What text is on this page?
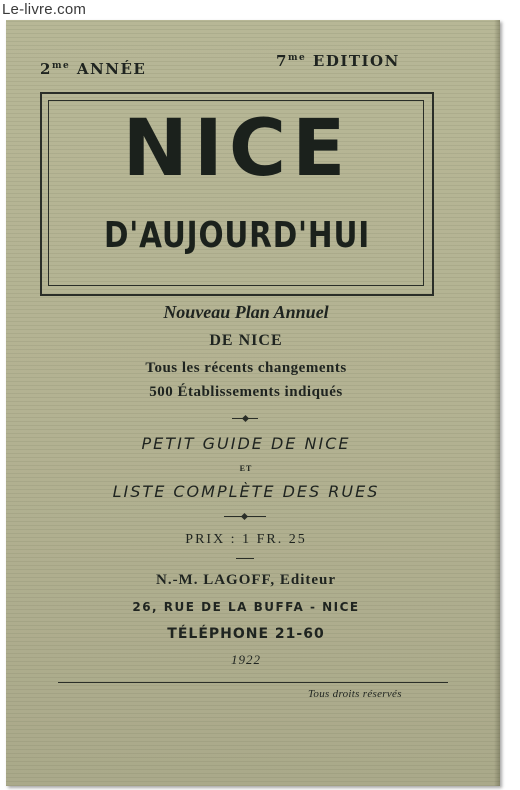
Le-livre.com
$2^{me}$ ANNÉE	$7^{me}$ EDITION
NICE
D'AUJOURD'HUI
Nouveau Plan Annuel
DE NICE
Tous les récents changements
500 Établissements indiqués
PETIT GUIDE DE NICE
ET
LISTE COMPLÈTE DES RUES
PRIX : 1 FR. 25
N.-M. LAGOFF, Editeur
26, RUE DE LA BUFFA - NICE
TÉLÉPHONE 21-60
1922
Tous droits réservés
